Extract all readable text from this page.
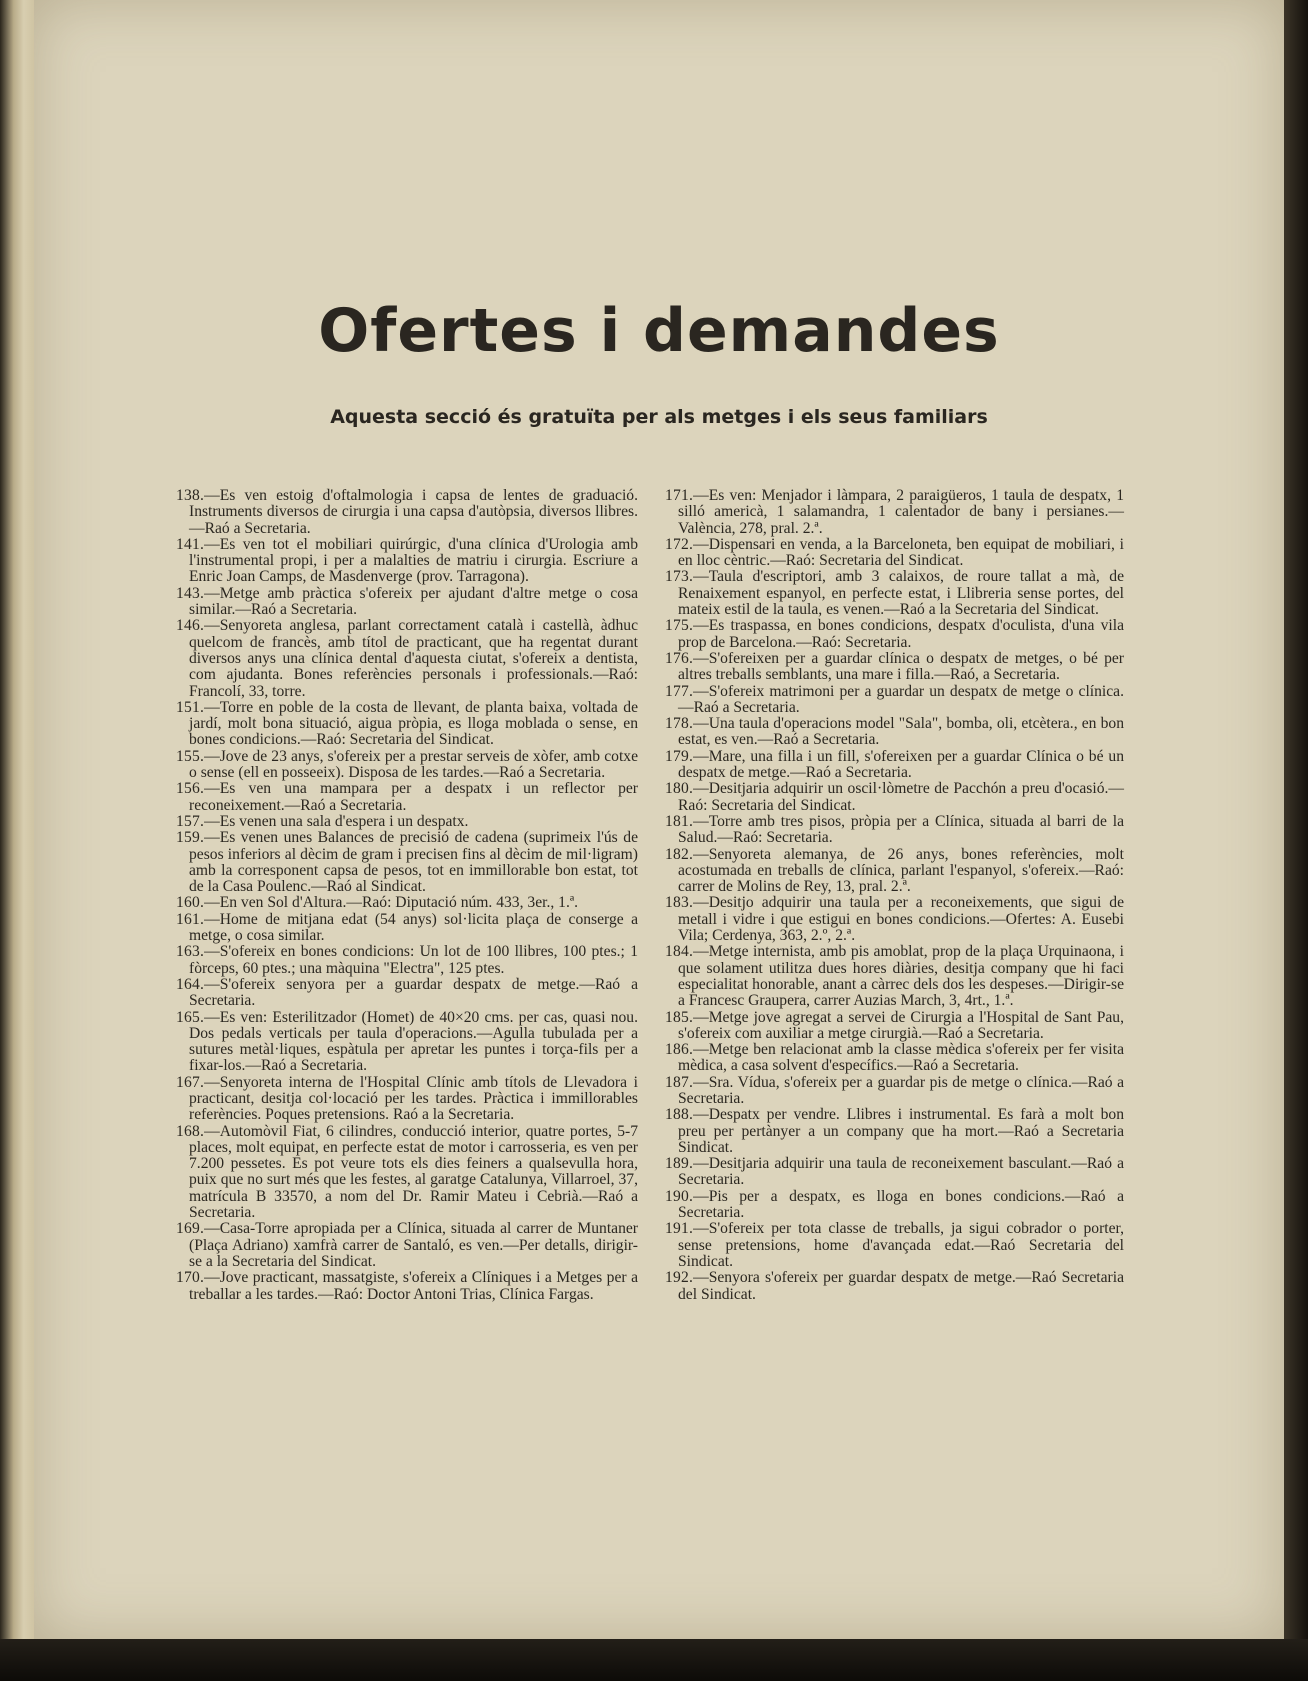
Ofertes i demandes
Aquesta secció és gratuïta per als metges i els seus familiars

138.—Es ven estoig d'oftalmologia i capsa de lentes de graduació. Instruments diversos de cirurgia i una capsa d'autòpsia, diversos llibres.—Raó a Secretaria.

141.—Es ven tot el mobiliari quirúrgic, d'una clínica d'Urologia amb l'instrumental propi, i per a malalties de matriu i cirurgia. Escriure a Enric Joan Camps, de Masdenverge (prov. Tarragona).

143.—Metge amb pràctica s'ofereix per ajudant d'altre metge o cosa similar.—Raó a Secretaria.

146.—Senyoreta anglesa, parlant correctament català i castellà, àdhuc quelcom de francès, amb títol de practicant, que ha regentat durant diversos anys una clínica dental d'aquesta ciutat, s'ofereix a dentista, com ajudanta. Bones referències personals i professionals.—Raó: Francolí, 33, torre.

151.—Torre en poble de la costa de llevant, de planta baixa, voltada de jardí, molt bona situació, aigua pròpia, es lloga moblada o sense, en bones condicions.—Raó: Secretaria del Sindicat.

155.—Jove de 23 anys, s'ofereix per a prestar serveis de xòfer, amb cotxe o sense (ell en posseeix). Disposa de les tardes.—Raó a Secretaria.

156.—Es ven una mampara per a despatx i un reflector per reconeixement.—Raó a Secretaria.

157.—Es venen una sala d'espera i un despatx.

159.—Es venen unes Balances de precisió de cadena (suprimeix l'ús de pesos inferiors al dècim de gram i precisen fins al dècim de mil·ligram) amb la corresponent capsa de pesos, tot en immillorable bon estat, tot de la Casa Poulenc.—Raó al Sindicat.

160.—En ven Sol d'Altura.—Raó: Diputació núm. 433, 3er., 1.ª.

161.—Home de mitjana edat (54 anys) sol·licita plaça de conserge a metge, o cosa similar.

163.—S'ofereix en bones condicions: Un lot de 100 llibres, 100 ptes.; 1 fòrceps, 60 ptes.; una màquina "Electra", 125 ptes.

164.—S'ofereix senyora per a guardar despatx de metge.—Raó a Secretaria.

165.—Es ven: Esterilitzador (Homet) de 40×20 cms. per cas, quasi nou. Dos pedals verticals per taula d'operacions.—Agulla tubulada per a sutures metàl·liques, espàtula per apretar les puntes i torça-fils per a fixar-los.—Raó a Secretaria.

167.—Senyoreta interna de l'Hospital Clínic amb títols de Llevadora i practicant, desitja col·locació per les tardes. Pràctica i immillorables referències. Poques pretensions. Raó a la Secretaria.

168.—Automòvil Fiat, 6 cilindres, conducció interior, quatre portes, 5-7 places, molt equipat, en perfecte estat de motor i carrosseria, es ven per 7.200 pessetes. Es pot veure tots els dies feiners a qualsevulla hora, puix que no surt més que les festes, al garatge Catalunya, Villarroel, 37, matrícula B 33570, a nom del Dr. Ramir Mateu i Cebrià.—Raó a Secretaria.

169.—Casa-Torre apropiada per a Clínica, situada al carrer de Muntaner (Plaça Adriano) xamfrà carrer de Santaló, es ven.—Per detalls, dirigir-se a la Secretaria del Sindicat.

170.—Jove practicant, massatgiste, s'ofereix a Clíniques i a Metges per a treballar a les tardes.—Raó: Doctor Antoni Trias, Clínica Fargas.

171.—Es ven: Menjador i làmpara, 2 paraigüeros, 1 taula de despatx, 1 silló americà, 1 salamandra, 1 calentador de bany i persianes.—València, 278, pral. 2.ª.

172.—Dispensari en venda, a la Barceloneta, ben equipat de mobiliari, i en lloc cèntric.—Raó: Secretaria del Sindicat.

173.—Taula d'escriptori, amb 3 calaixos, de roure tallat a mà, de Renaixement espanyol, en perfecte estat, i Llibreria sense portes, del mateix estil de la taula, es venen.—Raó a la Secretaria del Sindicat.

175.—Es traspassa, en bones condicions, despatx d'oculista, d'una vila prop de Barcelona.—Raó: Secretaria.

176.—S'ofereixen per a guardar clínica o despatx de metges, o bé per altres treballs semblants, una mare i filla.—Raó, a Secretaria.

177.—S'ofereix matrimoni per a guardar un despatx de metge o clínica.—Raó a Secretaria.

178.—Una taula d'operacions model "Sala", bomba, oli, etcètera., en bon estat, es ven.—Raó a Secretaria.

179.—Mare, una filla i un fill, s'ofereixen per a guardar Clínica o bé un despatx de metge.—Raó a Secretaria.

180.—Desitjaria adquirir un oscil·lòmetre de Pacchón a preu d'ocasió.—Raó: Secretaria del Sindicat.

181.—Torre amb tres pisos, pròpia per a Clínica, situada al barri de la Salud.—Raó: Secretaria.

182.—Senyoreta alemanya, de 26 anys, bones referències, molt acostumada en treballs de clínica, parlant l'espanyol, s'ofereix.—Raó: carrer de Molins de Rey, 13, pral. 2.ª.

183.—Desitjo adquirir una taula per a reconeixements, que sigui de metall i vidre i que estigui en bones condicions.—Ofertes: A. Eusebi Vila; Cerdenya, 363, 2.º, 2.ª.

184.—Metge internista, amb pis amoblat, prop de la plaça Urquinaona, i que solament utilitza dues hores diàries, desitja company que hi faci especialitat honorable, anant a càrrec dels dos les despeses.—Dirigir-se a Francesc Graupera, carrer Auzias March, 3, 4rt., 1.ª.

185.—Metge jove agregat a servei de Cirurgia a l'Hospital de Sant Pau, s'ofereix com auxiliar a metge cirurgià.—Raó a Secretaria.

186.—Metge ben relacionat amb la classe mèdica s'ofereix per fer visita mèdica, a casa solvent d'específics.—Raó a Secretaria.

187.—Sra. Vídua, s'ofereix per a guardar pis de metge o clínica.—Raó a Secretaria.

188.—Despatx per vendre. Llibres i instrumental. Es farà a molt bon preu per pertànyer a un company que ha mort.—Raó a Secretaria Sindicat.

189.—Desitjaria adquirir una taula de reconeixement basculant.—Raó a Secretaria.

190.—Pis per a despatx, es lloga en bones condicions.—Raó a Secretaria.

191.—S'ofereix per tota classe de treballs, ja sigui cobrador o porter, sense pretensions, home d'avançada edat.—Raó Secretaria del Sindicat.

192.—Senyora s'ofereix per guardar despatx de metge.—Raó Secretaria del Sindicat.
